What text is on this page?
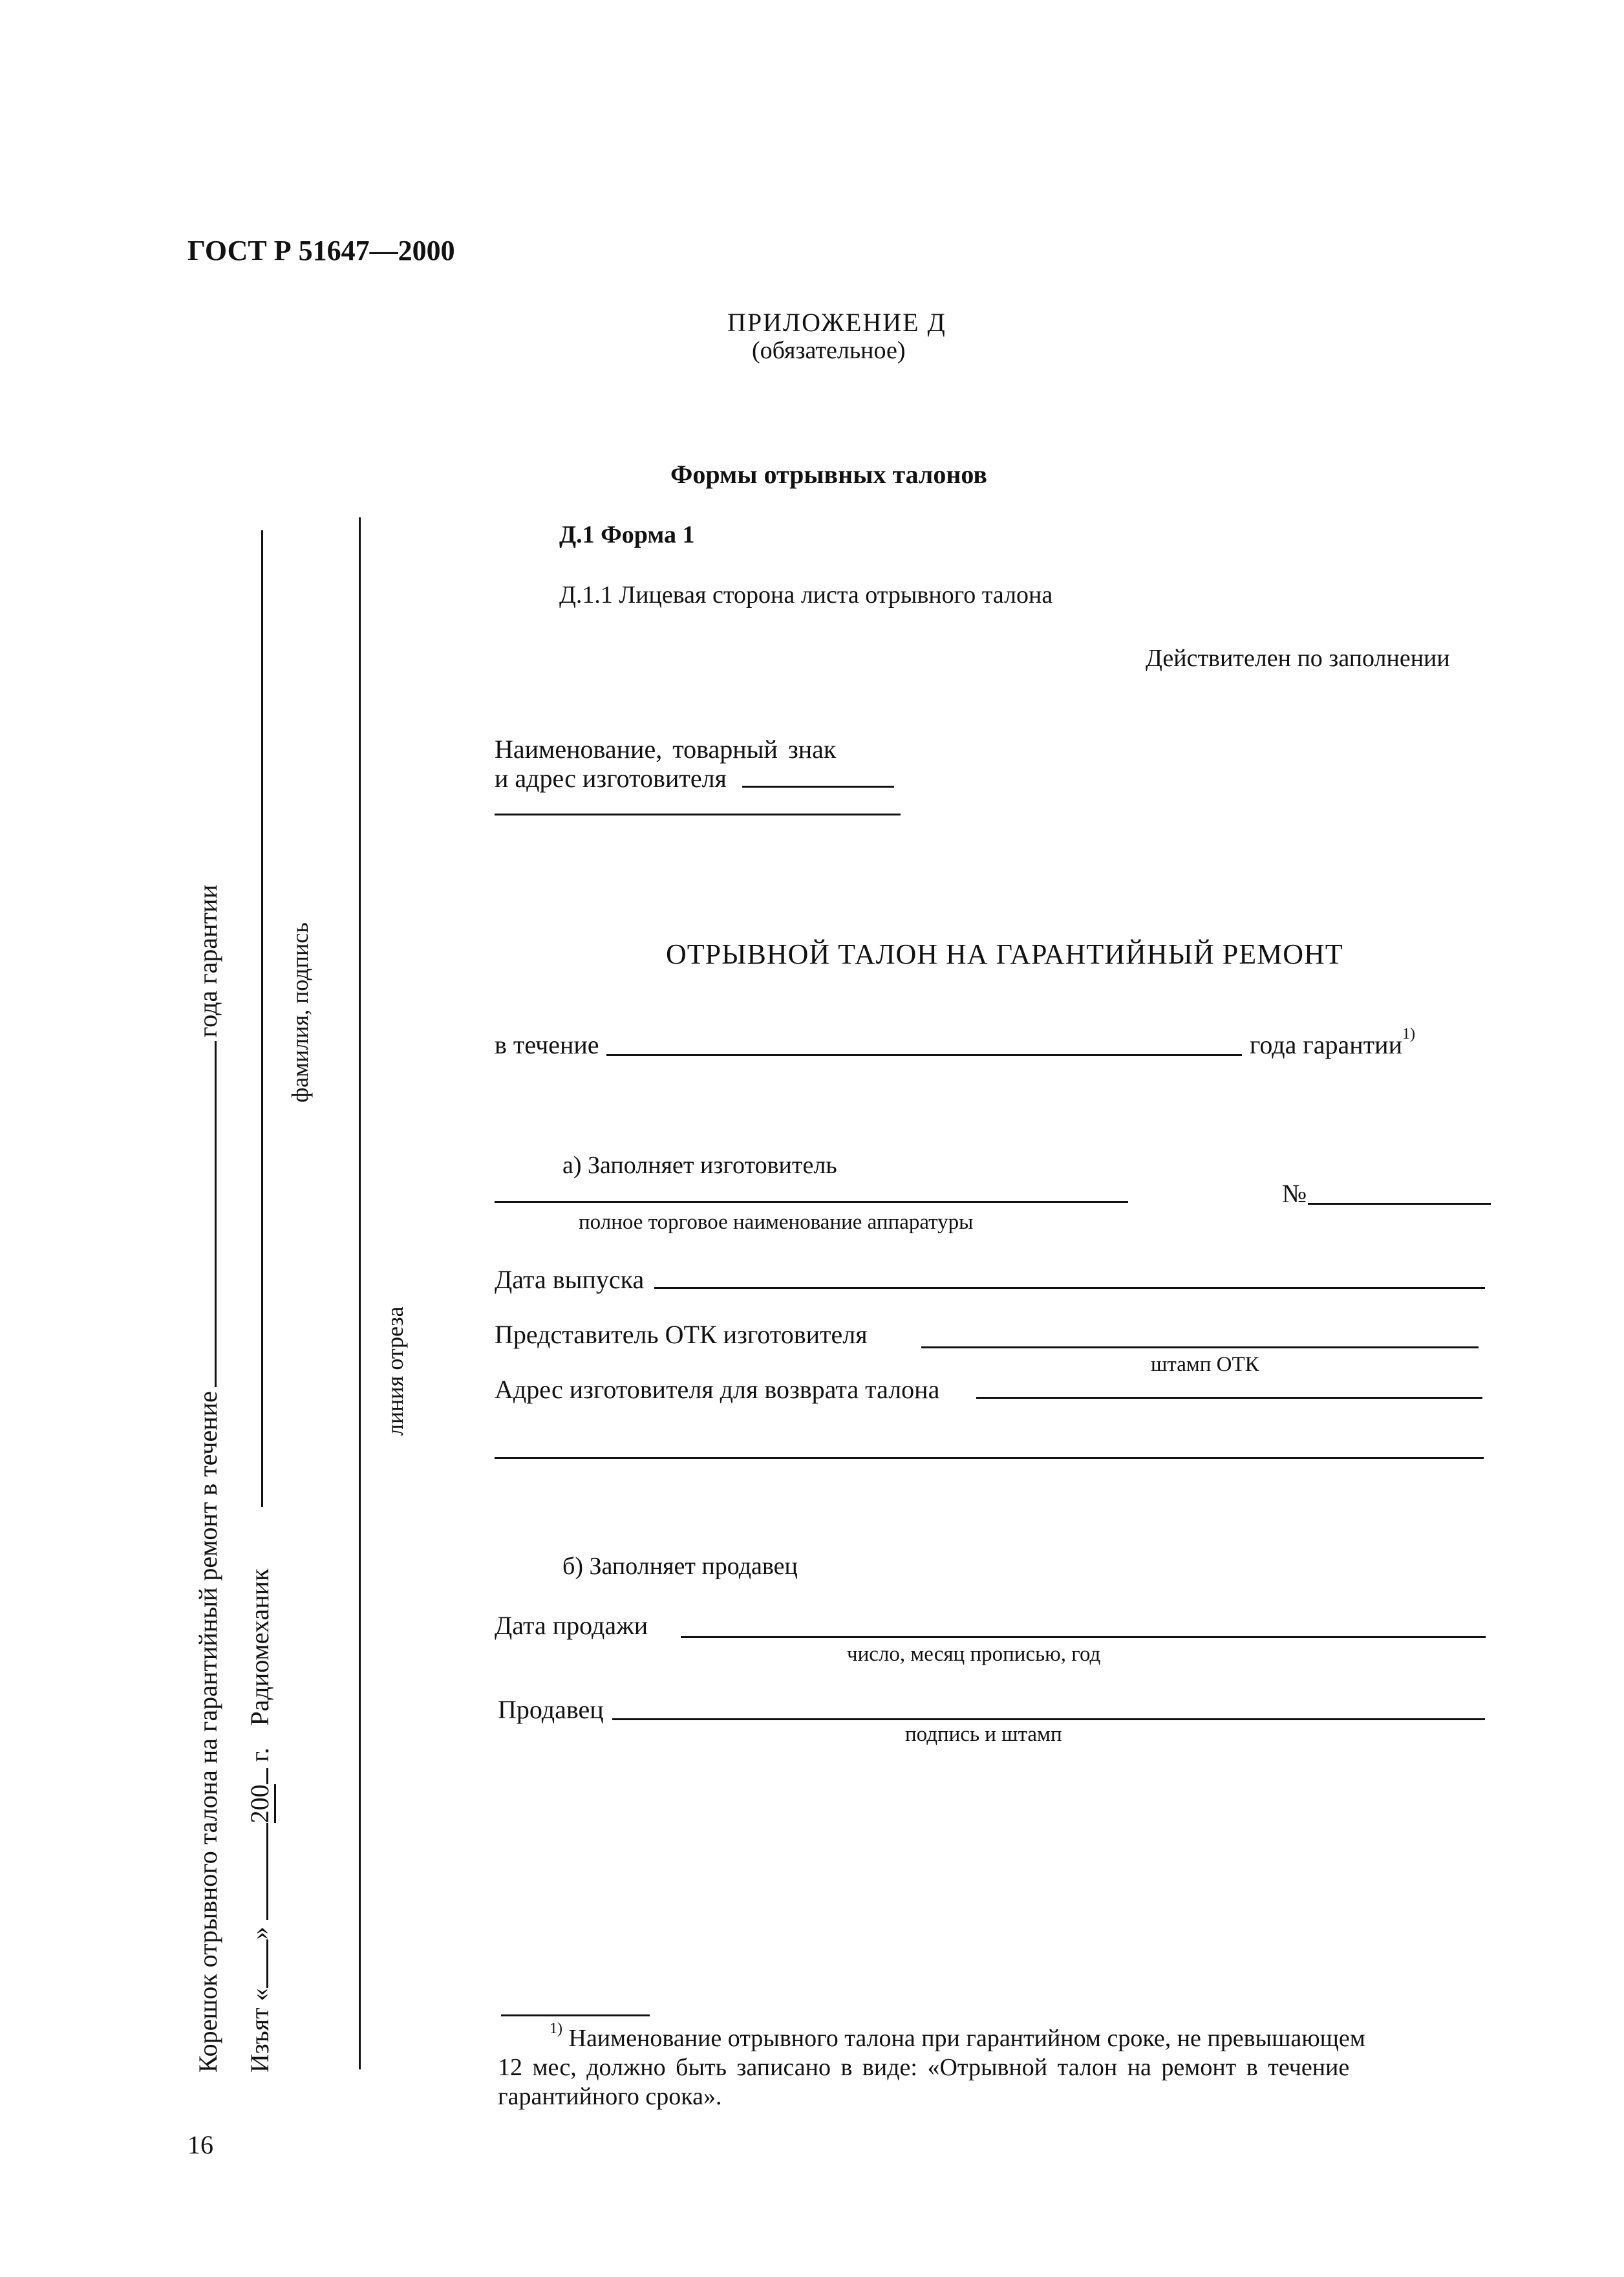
ГОСТ Р 51647—2000
ПРИЛОЖЕНИЕ Д
(обязательное)
Формы отрывных талонов
Д.1 Форма 1
Д.1.1 Лицевая сторона листа отрывного талона
Действителен по заполнении
Наименование, товарный знак
и адрес изготовителя
ОТРЫВНОЙ ТАЛОН НА ГАРАНТИЙНЫЙ РЕМОНТ
в течение	года гарантии$^{1)}$
а) Заполняет изготовитель
№
полное торговое наименование аппаратуры
Дата выпуска
Представитель ОТК изготовителя
штамп ОТК
Адрес изготовителя для возврата талона
б) Заполняет продавец
Дата продажи
число, месяц прописью, год
Продавец
подпись и штамп
Корешок отрывного талона на гарантийный ремонт в течениегода гарантии
Изъят «»200г.Радиомеханик
фамилия, подпись
линия отреза
$^{1)}$ Наименование отрывного талона при гарантийном сроке, не превышающем
12 мес, должно быть записано в виде: «Отрывной талон на ремонт в течение
гарантийного срока».
16
